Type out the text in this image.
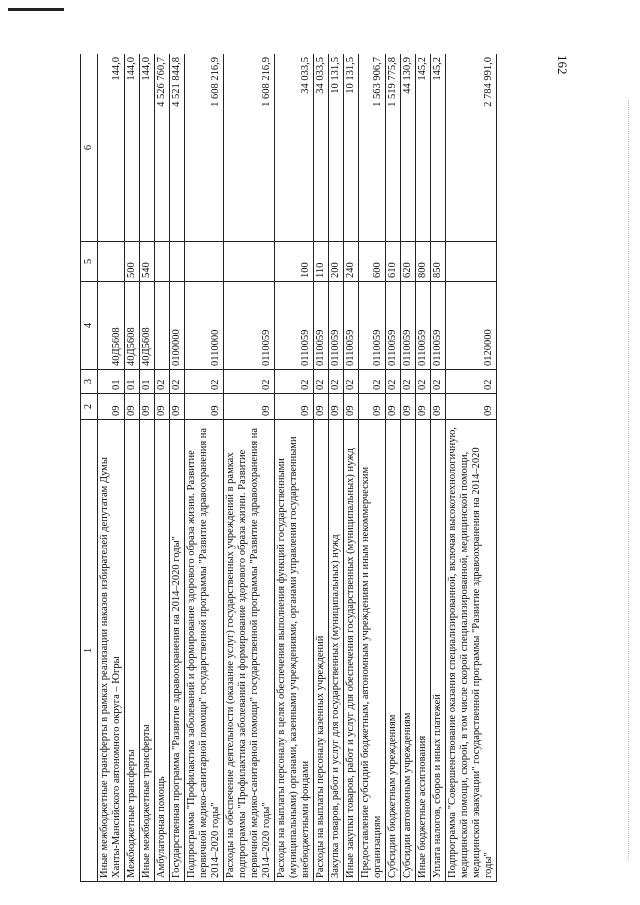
162
1	2	3	4	5	6
Иные межбюджетные трансферты в рамках реализации наказов избирателей депутатам Думы Ханты-Мансийского автономного округа – Югры	09	01	40Д5608		144,0
Межбюджетные трансферты	09	01	40Д5608	500	144,0
Иные межбюджетные трансферты	09	01	40Д5608	540	144,0
Амбулаторная помощь	09	02			4 526 760,7
Государственная программа "Развитие здравоохранения на 2014–2020 годы"	09	02	0100000		4 521 844,8
Подпрограмма "Профилактика заболеваний и формирование здорового образа жизни. Развитие первичной медико-санитарной помощи" государственной программы "Развитие здравоохранения на 2014–2020 годы"	09	02	0110000		1 608 216,9
Расходы на обеспечение деятельности (оказание услуг) государственных учреждений в рамках подпрограммы "Профилактика заболеваний и формирование здорового образа жизни. Развитие первичной медико-санитарной помощи" государственной программы "Развитие здравоохранения на 2014–2020 годы"	09	02	0110059		1 608 216,9
Расходы на выплаты персоналу в целях обеспечения выполнения функций государственными (муниципальными) органами, казенными учреждениями, органами управления государственными внебюджетными фондами	09	02	0110059	100	34 033,5
Расходы на выплаты персоналу казенных учреждений	09	02	0110059	110	34 033,5
Закупка товаров, работ и услуг для государственных (муниципальных) нужд	09	02	0110059	200	10 131,5
Иные закупки товаров, работ и услуг для обеспечения государственных (муниципальных) нужд	09	02	0110059	240	10 131,5
Предоставление субсидий бюджетным, автономным учреждениям и иным некоммерческим организациям	09	02	0110059	600	1 563 906,7
Субсидии бюджетным учреждениям	09	02	0110059	610	1 519 775,8
Субсидии автономным учреждениям	09	02	0110059	620	44 130,9
Иные бюджетные ассигнования	09	02	0110059	800	145,2
Уплата налогов, сборов и иных платежей	09	02	0110059	850	145,2
Подпрограмма "Совершенствование оказания специализированной, включая высокотехнологичную, медицинской помощи, скорой, в том числе скорой специализированной, медицинской помощи, медицинской эвакуации" государственной программы "Развитие здравоохранения на 2014–2020 годы"	09	02	0120000		2 784 991,0
